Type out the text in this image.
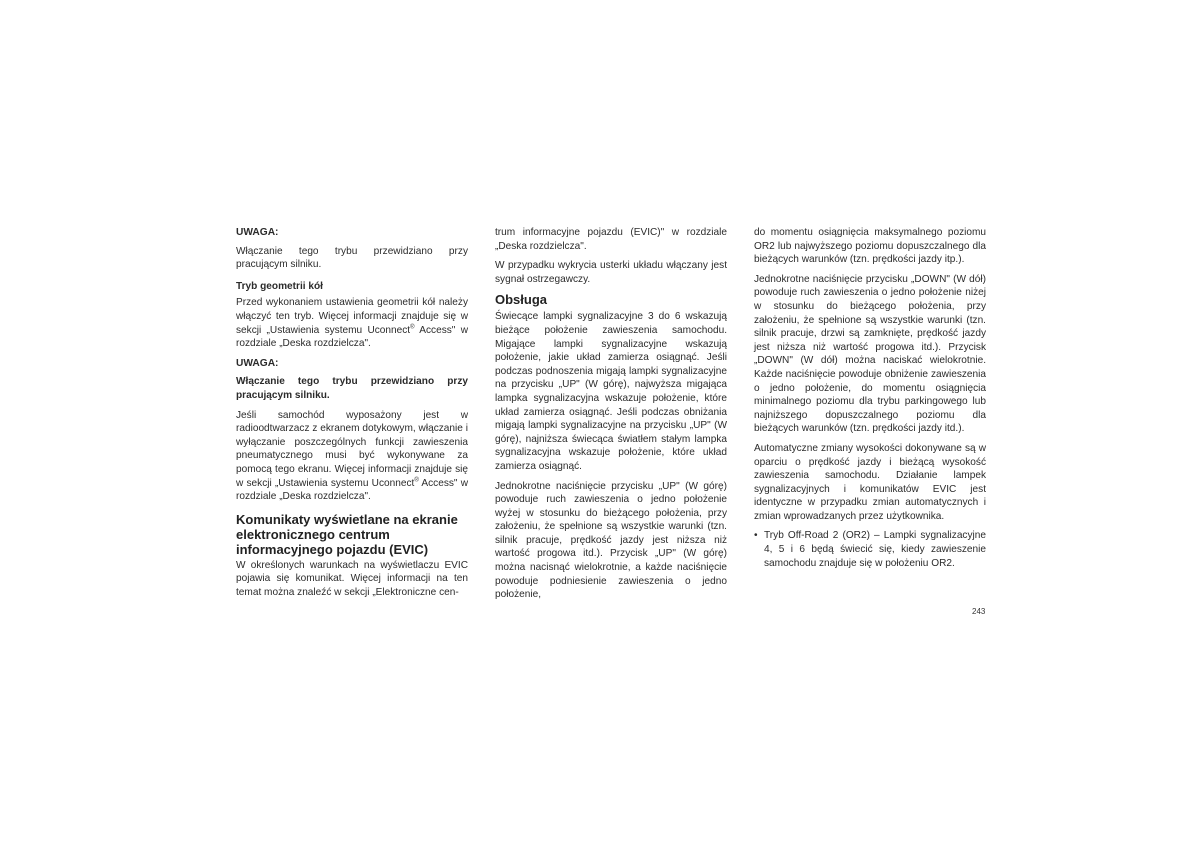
UWAGA:

Włączanie tego trybu przewidziano przy pracującym silniku.

Tryb geometrii kół

Przed wykonaniem ustawienia geometrii kół należy włączyć ten tryb. Więcej informacji znajduje się w sekcji „Ustawienia systemu Uconnect® Access" w rozdziale „Deska rozdzielcza".

UWAGA:

Włączanie tego trybu przewidziano przy pracującym silniku.

Jeśli samochód wyposażony jest w radioodtwarzacz z ekranem dotykowym, włączanie i wyłączanie poszczególnych funkcji zawieszenia pneumatycznego musi być wykonywane za pomocą tego ekranu. Więcej informacji znajduje się w sekcji „Ustawienia systemu Uconnect® Access" w rozdziale „Deska rozdzielcza".

Komunikaty wyświetlane na ekranie elektronicznego centrum informacyjnego pojazdu (EVIC)

W określonych warunkach na wyświetlaczu EVIC pojawia się komunikat. Więcej informacji na ten temat można znaleźć w sekcji „Elektroniczne cen-

trum informacyjne pojazdu (EVIC)" w rozdziale „Deska rozdzielcza".

W przypadku wykrycia usterki układu włączany jest sygnał ostrzegawczy.

Obsługa

Świecące lampki sygnalizacyjne 3 do 6 wskazują bieżące położenie zawieszenia samochodu. Migające lampki sygnalizacyjne wskazują położenie, jakie układ zamierza osiągnąć. Jeśli podczas podnoszenia migają lampki sygnalizacyjne na przycisku „UP" (W górę), najwyższa migająca lampka sygnalizacyjna wskazuje położenie, które układ zamierza osiągnąć. Jeśli podczas obniżania migają lampki sygnalizacyjne na przycisku „UP" (W górę), najniższa świecąca światłem stałym lampka sygnalizacyjna wskazuje położenie, które układ zamierza osiągnąć.

Jednokrotne naciśnięcie przycisku „UP" (W górę) powoduje ruch zawieszenia o jedno położenie wyżej w stosunku do bieżącego położenia, przy założeniu, że spełnione są wszystkie warunki (tzn. silnik pracuje, prędkość jazdy jest niższa niż wartość progowa itd.). Przycisk „UP" (W górę) można nacisnąć wielokrotnie, a każde naciśnięcie powoduje podniesienie zawieszenia o jedno położenie,

do momentu osiągnięcia maksymalnego poziomu OR2 lub najwyższego poziomu dopuszczalnego dla bieżących warunków (tzn. prędkości jazdy itp.).

Jednokrotne naciśnięcie przycisku „DOWN" (W dół) powoduje ruch zawieszenia o jedno położenie niżej w stosunku do bieżącego położenia, przy założeniu, że spełnione są wszystkie warunki (tzn. silnik pracuje, drzwi są zamknięte, prędkość jazdy jest niższa niż wartość progowa itd.). Przycisk „DOWN" (W dół) można naciskać wielokrotnie. Każde naciśnięcie powoduje obniżenie zawieszenia o jedno położenie, do momentu osiągnięcia minimalnego poziomu dla trybu parkingowego lub najniższego dopuszczalnego poziomu dla bieżących warunków (tzn. prędkości jazdy itd.).

Automatyczne zmiany wysokości dokonywane są w oparciu o prędkość jazdy i bieżącą wysokość zawieszenia samochodu. Działanie lampek sygnalizacyjnych i komunikatów EVIC jest identyczne w przypadku zmian automatycznych i zmian wprowadzanych przez użytkownika.

• Tryb Off-Road 2 (OR2) – Lampki sygnalizacyjne 4, 5 i 6 będą świecić się, kiedy zawieszenie samochodu znajduje się w położeniu OR2.
243
